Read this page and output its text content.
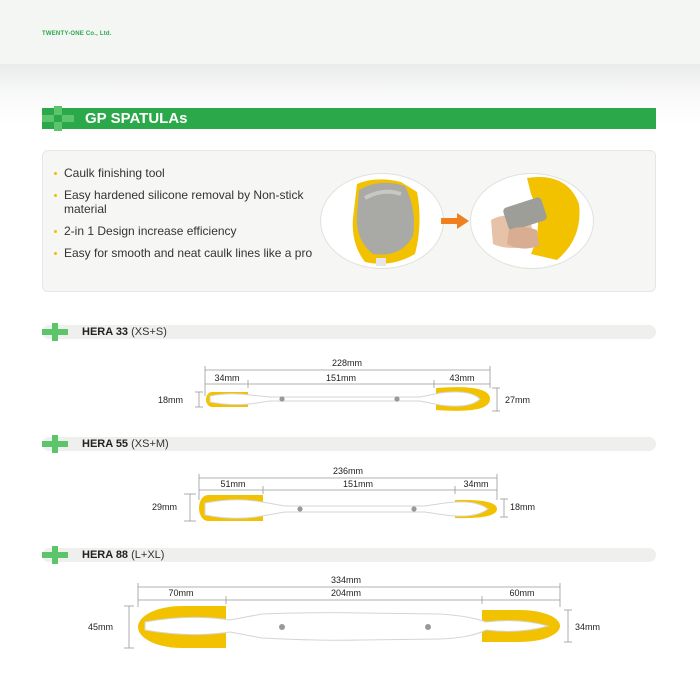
TWENTY-ONE Co., Ltd.
GP SPATULAs
Caulk finishing tool
Easy hardened silicone removal by Non-stick material
2-in 1 Design increase efficiency
Easy for smooth and neat caulk lines like a pro
HERA 33 (XS+S)
228mm
34mm	151mm	43mm
18mm	27mm
HERA 55 (XS+M)
236mm
51mm	151mm	34mm
29mm	18mm
HERA 88 (L+XL)
334mm
70mm	204mm	60mm
45mm	34mm
